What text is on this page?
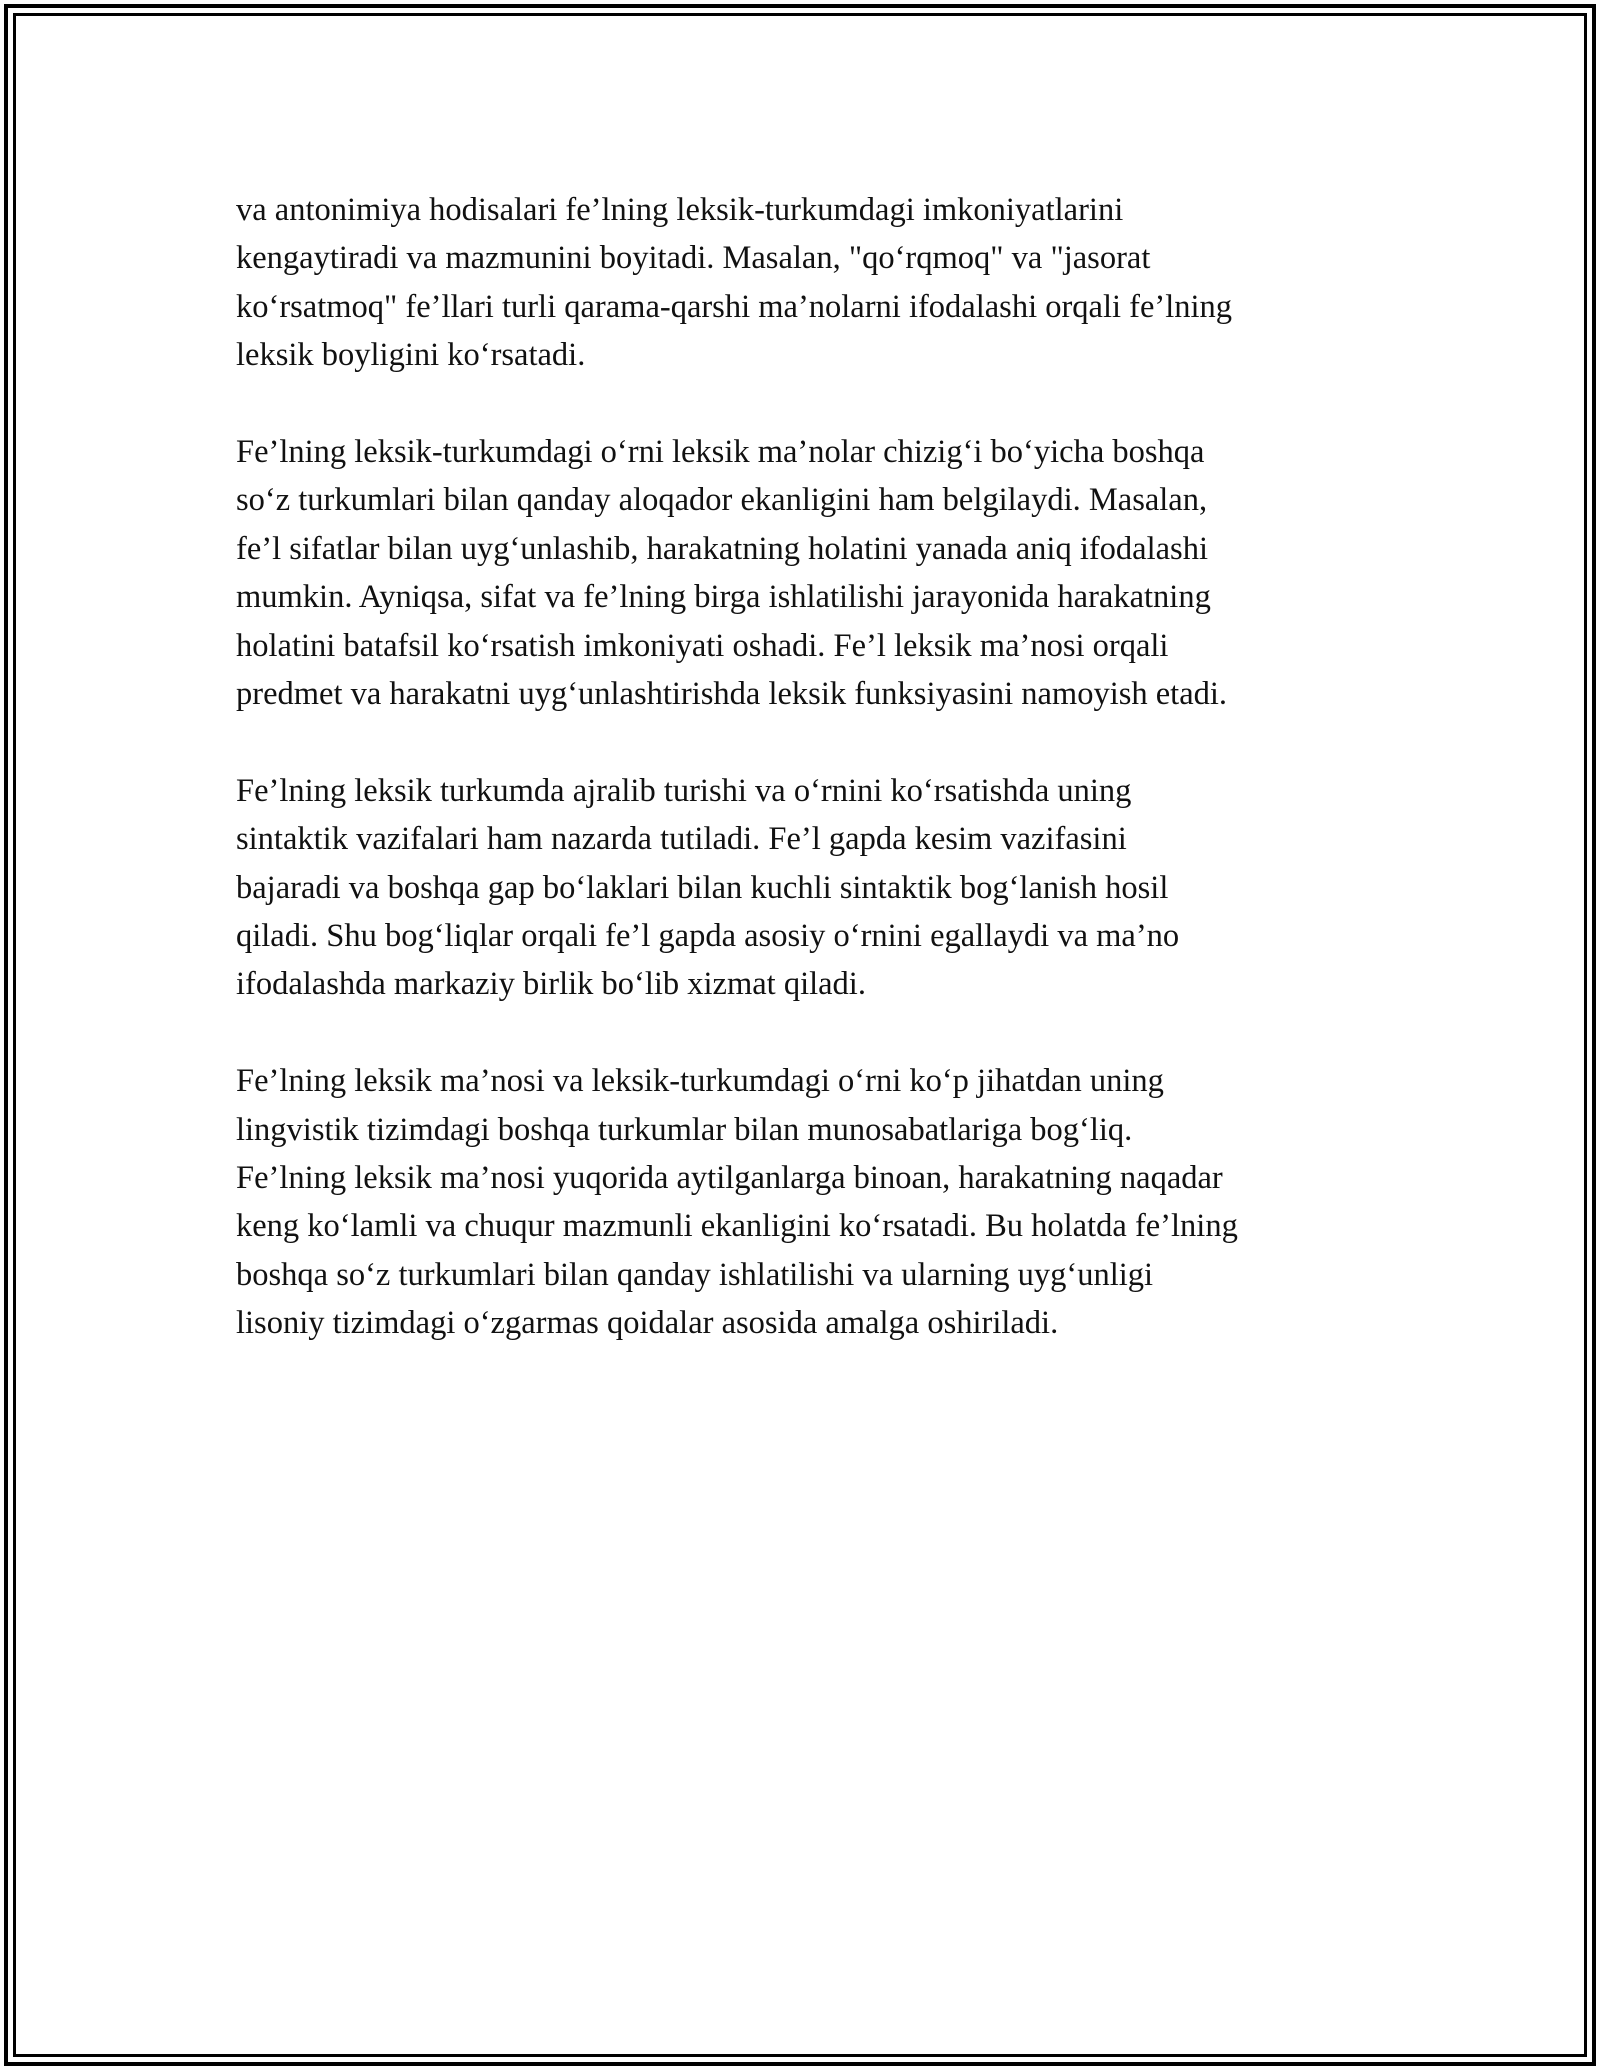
va antonimiya hodisalari fe’lning leksik-turkumdagi imkoniyatlarini
kengaytiradi va mazmunini boyitadi. Masalan, "qo‘rqmoq" va "jasorat
ko‘rsatmoq" fe’llari turli qarama-qarshi ma’nolarni ifodalashi orqali fe’lning
leksik boyligini ko‘rsatadi.

Fe’lning leksik-turkumdagi o‘rni leksik ma’nolar chizig‘i bo‘yicha boshqa
so‘z turkumlari bilan qanday aloqador ekanligini ham belgilaydi. Masalan,
fe’l sifatlar bilan uyg‘unlashib, harakatning holatini yanada aniq ifodalashi
mumkin. Ayniqsa, sifat va fe’lning birga ishlatilishi jarayonida harakatning
holatini batafsil ko‘rsatish imkoniyati oshadi. Fe’l leksik ma’nosi orqali
predmet va harakatni uyg‘unlashtirishda leksik funksiyasini namoyish etadi.

Fe’lning leksik turkumda ajralib turishi va o‘rnini ko‘rsatishda uning
sintaktik vazifalari ham nazarda tutiladi. Fe’l gapda kesim vazifasini
bajaradi va boshqa gap bo‘laklari bilan kuchli sintaktik bog‘lanish hosil
qiladi. Shu bog‘liqlar orqali fe’l gapda asosiy o‘rnini egallaydi va ma’no
ifodalashda markaziy birlik bo‘lib xizmat qiladi.

Fe’lning leksik ma’nosi va leksik-turkumdagi o‘rni ko‘p jihatdan uning
lingvistik tizimdagi boshqa turkumlar bilan munosabatlariga bog‘liq.
Fe’lning leksik ma’nosi yuqorida aytilganlarga binoan, harakatning naqadar
keng ko‘lamli va chuqur mazmunli ekanligini ko‘rsatadi. Bu holatda fe’lning
boshqa so‘z turkumlari bilan qanday ishlatilishi va ularning uyg‘unligi
lisoniy tizimdagi o‘zgarmas qoidalar asosida amalga oshiriladi.
